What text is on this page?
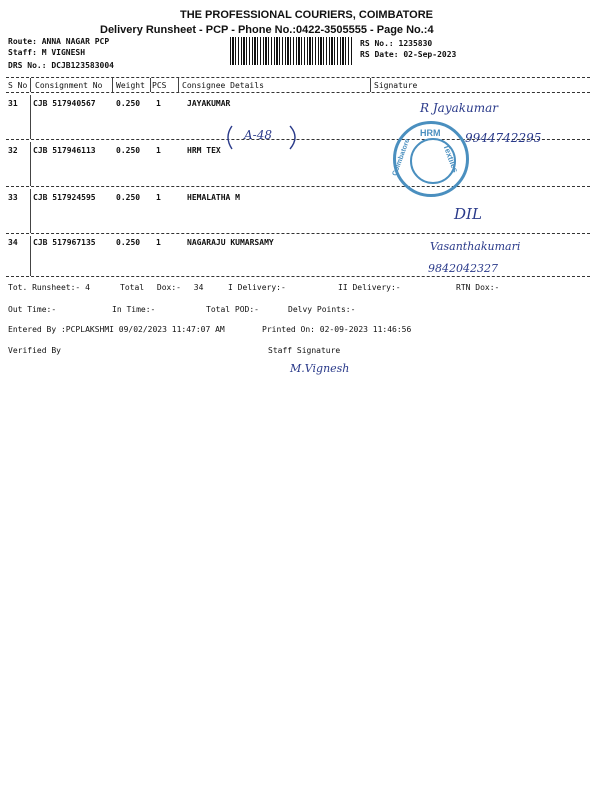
THE PROFESSIONAL COURIERS, COIMBATORE
Delivery Runsheet - PCP - Phone No.:0422-3505555 - Page No.:4
Route: ANNA NAGAR PCP
Staff: M VIGNESH
DRS No.: DCJB123583004
RS No.: 1235830
RS Date: 02-Sep-2023
S No Consignment No Weight PCS Consignee Details	Signature
31 CJB 517940567	0.250 1	JAYAKUMAR
32 CJB 517946113	0.250 1	HRM TEX
33 CJB 517924595	0.250 1	HEMALATHA M
34 CJB 517967135	0.250 1	NAGARAJU KUMARSAMY
Tot. Runsheet:- 4	Total Dox:- 34	I Delivery:-	II Delivery:-	RTN Dox:-
Out Time:-	In Time:-	Total POD:-	Delvy Points:-
Entered By :PCPLAKSHMI 09/02/2023 11:47:07 AM	Printed On: 02-09-2023 11:46:56
Verified By	Staff Signature
R Jayakumar
9944742295
A-48
DIL
Vasanthakumari
9842042327
M.Vignesh
HRM
Textiles
Coimbatore
